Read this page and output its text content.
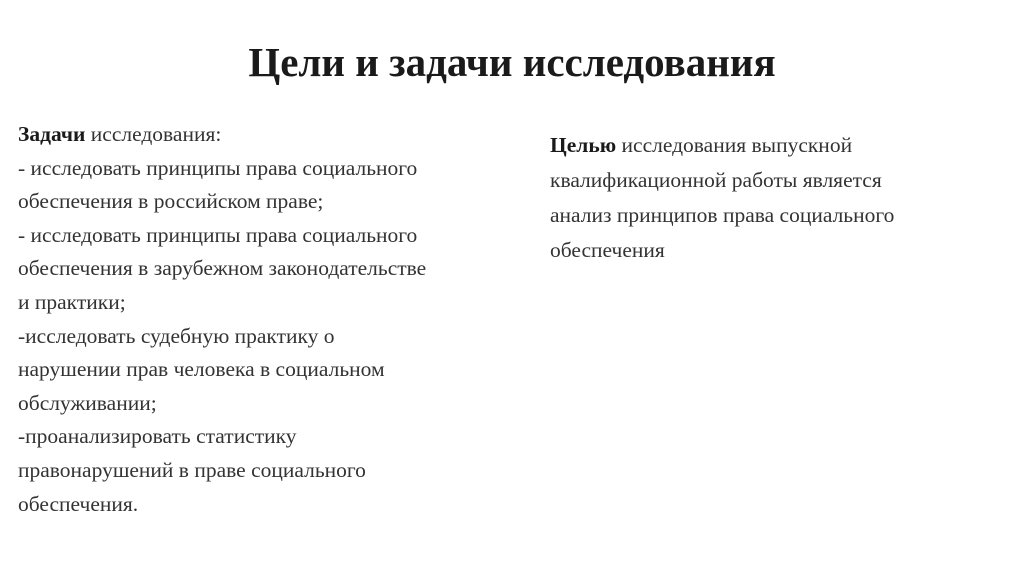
Цели и задачи исследования
Задачи исследования:
- исследовать принципы права социального
обеспечения в российском праве;
- исследовать принципы права социального
обеспечения в зарубежном законодательстве
и практики;
-исследовать судебную практику о
нарушении прав человека в социальном
обслуживании;
-проанализировать статистику
правонарушений в праве социального
обеспечения.
Целью исследования выпускной
квалификационной работы является
анализ принципов права социального
обеспечения
